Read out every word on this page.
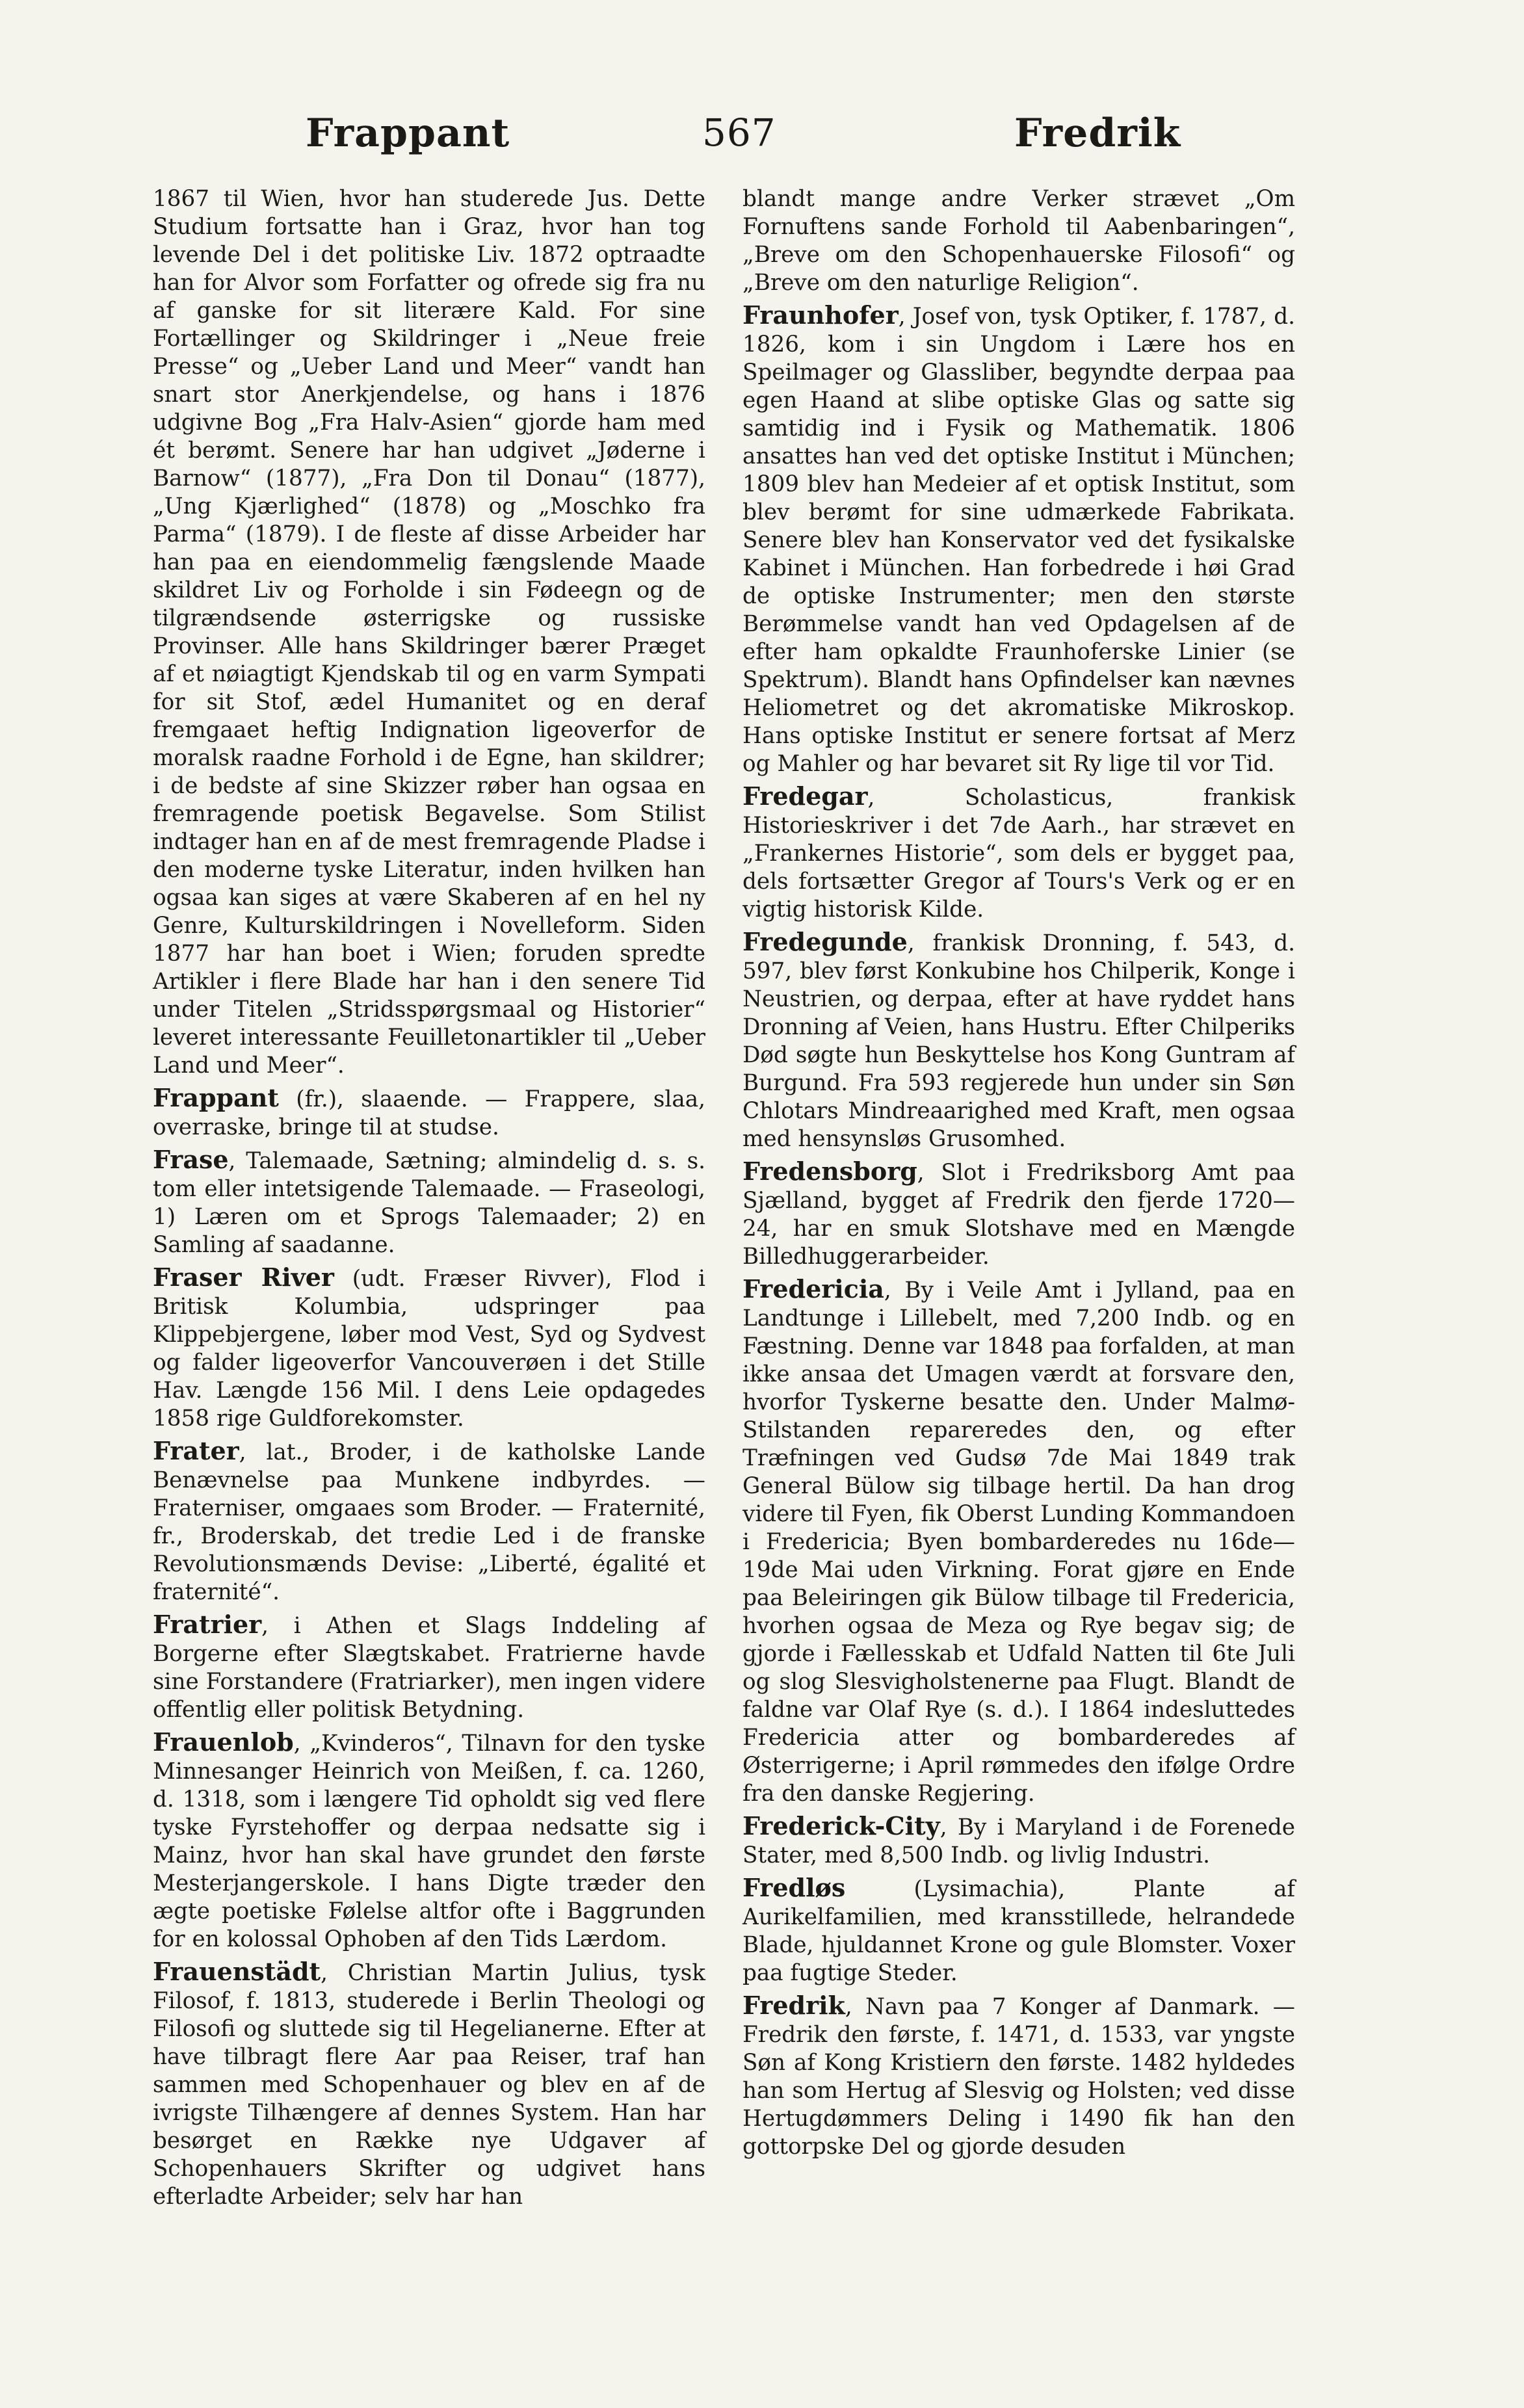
Frappant	567	Fredrik

1867 til Wien, hvor han studerede Jus. Dette Studium fortsatte han i Graz, hvor han tog levende Del i det politiske Liv. 1872 optraadte han for Alvor som Forfatter og ofrede sig fra nu af ganske for sit literære Kald. For sine Fortællinger og Skildringer i „Neue freie Presse“ og „Ueber Land und Meer“ vandt han snart stor Anerkjendelse, og hans i 1876 udgivne Bog „Fra Halv-Asien“ gjorde ham med ét berømt. Senere har han udgivet „Jøderne i Barnow“ (1877), „Fra Don til Donau“ (1877), „Ung Kjærlighed“ (1878) og „Moschko fra Parma“ (1879). I de fleste af disse Arbeider har han paa en eiendommelig fængslende Maade skildret Liv og Forholde i sin Fødeegn og de tilgrændsende østerrigske og russiske Provinser. Alle hans Skildringer bærer Præget af et nøiagtigt Kjendskab til og en varm Sympati for sit Stof, ædel Humanitet og en deraf fremgaaet heftig Indignation ligeoverfor de moralsk raadne Forhold i de Egne, han skildrer; i de bedste af sine Skizzer røber han ogsaa en fremragende poetisk Begavelse. Som Stilist indtager han en af de mest fremragende Pladse i den moderne tyske Literatur, inden hvilken han ogsaa kan siges at være Skaberen af en hel ny Genre, Kulturskildringen i Novelleform. Siden 1877 har han boet i Wien; foruden spredte Artikler i flere Blade har han i den senere Tid under Titelen „Stridsspørgsmaal og Historier“ leveret interessante Feuilletonartikler til „Ueber Land und Meer“.

Frappant (fr.), slaaende. — Frappere, slaa, overraske, bringe til at studse.

Frase, Talemaade, Sætning; almindelig d. s. s. tom eller intetsigende Talemaade. — Fraseologi, 1) Læren om et Sprogs Talemaader; 2) en Samling af saadanne.

Fraser River (udt. Fræser Rivver), Flod i Britisk Kolumbia, udspringer paa Klippebjergene, løber mod Vest, Syd og Sydvest og falder ligeoverfor Vancouverøen i det Stille Hav. Længde 156 Mil. I dens Leie opdagedes 1858 rige Guldforekomster.

Frater, lat., Broder, i de katholske Lande Benævnelse paa Munkene indbyrdes. — Fraterniser, omgaaes som Broder. — Fraternité, fr., Broderskab, det tredie Led i de franske Revolutionsmænds Devise: „Liberté, égalité et fraternité“.

Fratrier, i Athen et Slags Inddeling af Borgerne efter Slægtskabet. Fratrierne havde sine Forstandere (Fratriarker), men ingen videre offentlig eller politisk Betydning.

Frauenlob, „Kvinderos“, Tilnavn for den tyske Minnesanger Heinrich von Meißen, f. ca. 1260, d. 1318, som i længere Tid opholdt sig ved flere tyske Fyrstehoffer og derpaa nedsatte sig i Mainz, hvor han skal have grundet den første Mesterjangerskole. I hans Digte træder den ægte poetiske Følelse altfor ofte i Baggrunden for en kolossal Ophoben af den Tids Lærdom.

Frauenstädt, Christian Martin Julius, tysk Filosof, f. 1813, studerede i Berlin Theologi og Filosofi og sluttede sig til Hegelianerne. Efter at have tilbragt flere Aar paa Reiser, traf han sammen med Schopenhauer og blev en af de ivrigste Tilhængere af dennes System. Han har besørget en Række nye Udgaver af Schopenhauers Skrifter og udgivet hans efterladte Arbeider; selv har han

blandt mange andre Verker strævet „Om Fornuftens sande Forhold til Aabenbaringen“, „Breve om den Schopenhauerske Filosofi“ og „Breve om den naturlige Religion“.

Fraunhofer, Josef von, tysk Optiker, f. 1787, d. 1826, kom i sin Ungdom i Lære hos en Speilmager og Glassliber, begyndte derpaa paa egen Haand at slibe optiske Glas og satte sig samtidig ind i Fysik og Mathematik. 1806 ansattes han ved det optiske Institut i München; 1809 blev han Medeier af et optisk Institut, som blev berømt for sine udmærkede Fabrikata. Senere blev han Konservator ved det fysikalske Kabinet i München. Han forbedrede i høi Grad de optiske Instrumenter; men den største Berømmelse vandt han ved Opdagelsen af de efter ham opkaldte Fraunhoferske Linier (se Spektrum). Blandt hans Opfindelser kan nævnes Heliometret og det akromatiske Mikroskop. Hans optiske Institut er senere fortsat af Merz og Mahler og har bevaret sit Ry lige til vor Tid.

Fredegar, Scholasticus, frankisk Historieskriver i det 7de Aarh., har strævet en „Frankernes Historie“, som dels er bygget paa, dels fortsætter Gregor af Tours's Verk og er en vigtig historisk Kilde.

Fredegunde, frankisk Dronning, f. 543, d. 597, blev først Konkubine hos Chilperik, Konge i Neustrien, og derpaa, efter at have ryddet hans Dronning af Veien, hans Hustru. Efter Chilperiks Død søgte hun Beskyttelse hos Kong Guntram af Burgund. Fra 593 regjerede hun under sin Søn Chlotars Mindreaarighed med Kraft, men ogsaa med hensynsløs Grusomhed.

Fredensborg, Slot i Fredriksborg Amt paa Sjælland, bygget af Fredrik den fjerde 1720—24, har en smuk Slotshave med en Mængde Billedhuggerarbeider.

Fredericia, By i Veile Amt i Jylland, paa en Landtunge i Lillebelt, med 7,200 Indb. og en Fæstning. Denne var 1848 paa forfalden, at man ikke ansaa det Umagen værdt at forsvare den, hvorfor Tyskerne besatte den. Under Malmø-Stilstanden repareredes den, og efter Træfningen ved Gudsø 7de Mai 1849 trak General Bülow sig tilbage hertil. Da han drog videre til Fyen, fik Oberst Lunding Kommandoen i Fredericia; Byen bombarderedes nu 16de—19de Mai uden Virkning. Forat gjøre en Ende paa Beleiringen gik Bülow tilbage til Fredericia, hvorhen ogsaa de Meza og Rye begav sig; de gjorde i Fællesskab et Udfald Natten til 6te Juli og slog Slesvigholstenerne paa Flugt. Blandt de faldne var Olaf Rye (s. d.). I 1864 indesluttedes Fredericia atter og bombarderedes af Østerrigerne; i April rømmedes den ifølge Ordre fra den danske Regjering.

Frederick-City, By i Maryland i de Forenede Stater, med 8,500 Indb. og livlig Industri.

Fredløs (Lysimachia), Plante af Aurikelfamilien, med kransstillede, helrandede Blade, hjuldannet Krone og gule Blomster. Voxer paa fugtige Steder.

Fredrik, Navn paa 7 Konger af Danmark. — Fredrik den første, f. 1471, d. 1533, var yngste Søn af Kong Kristiern den første. 1482 hyldedes han som Hertug af Slesvig og Holsten; ved disse Hertugdømmers Deling i 1490 fik han den gottorpske Del og gjorde desuden
